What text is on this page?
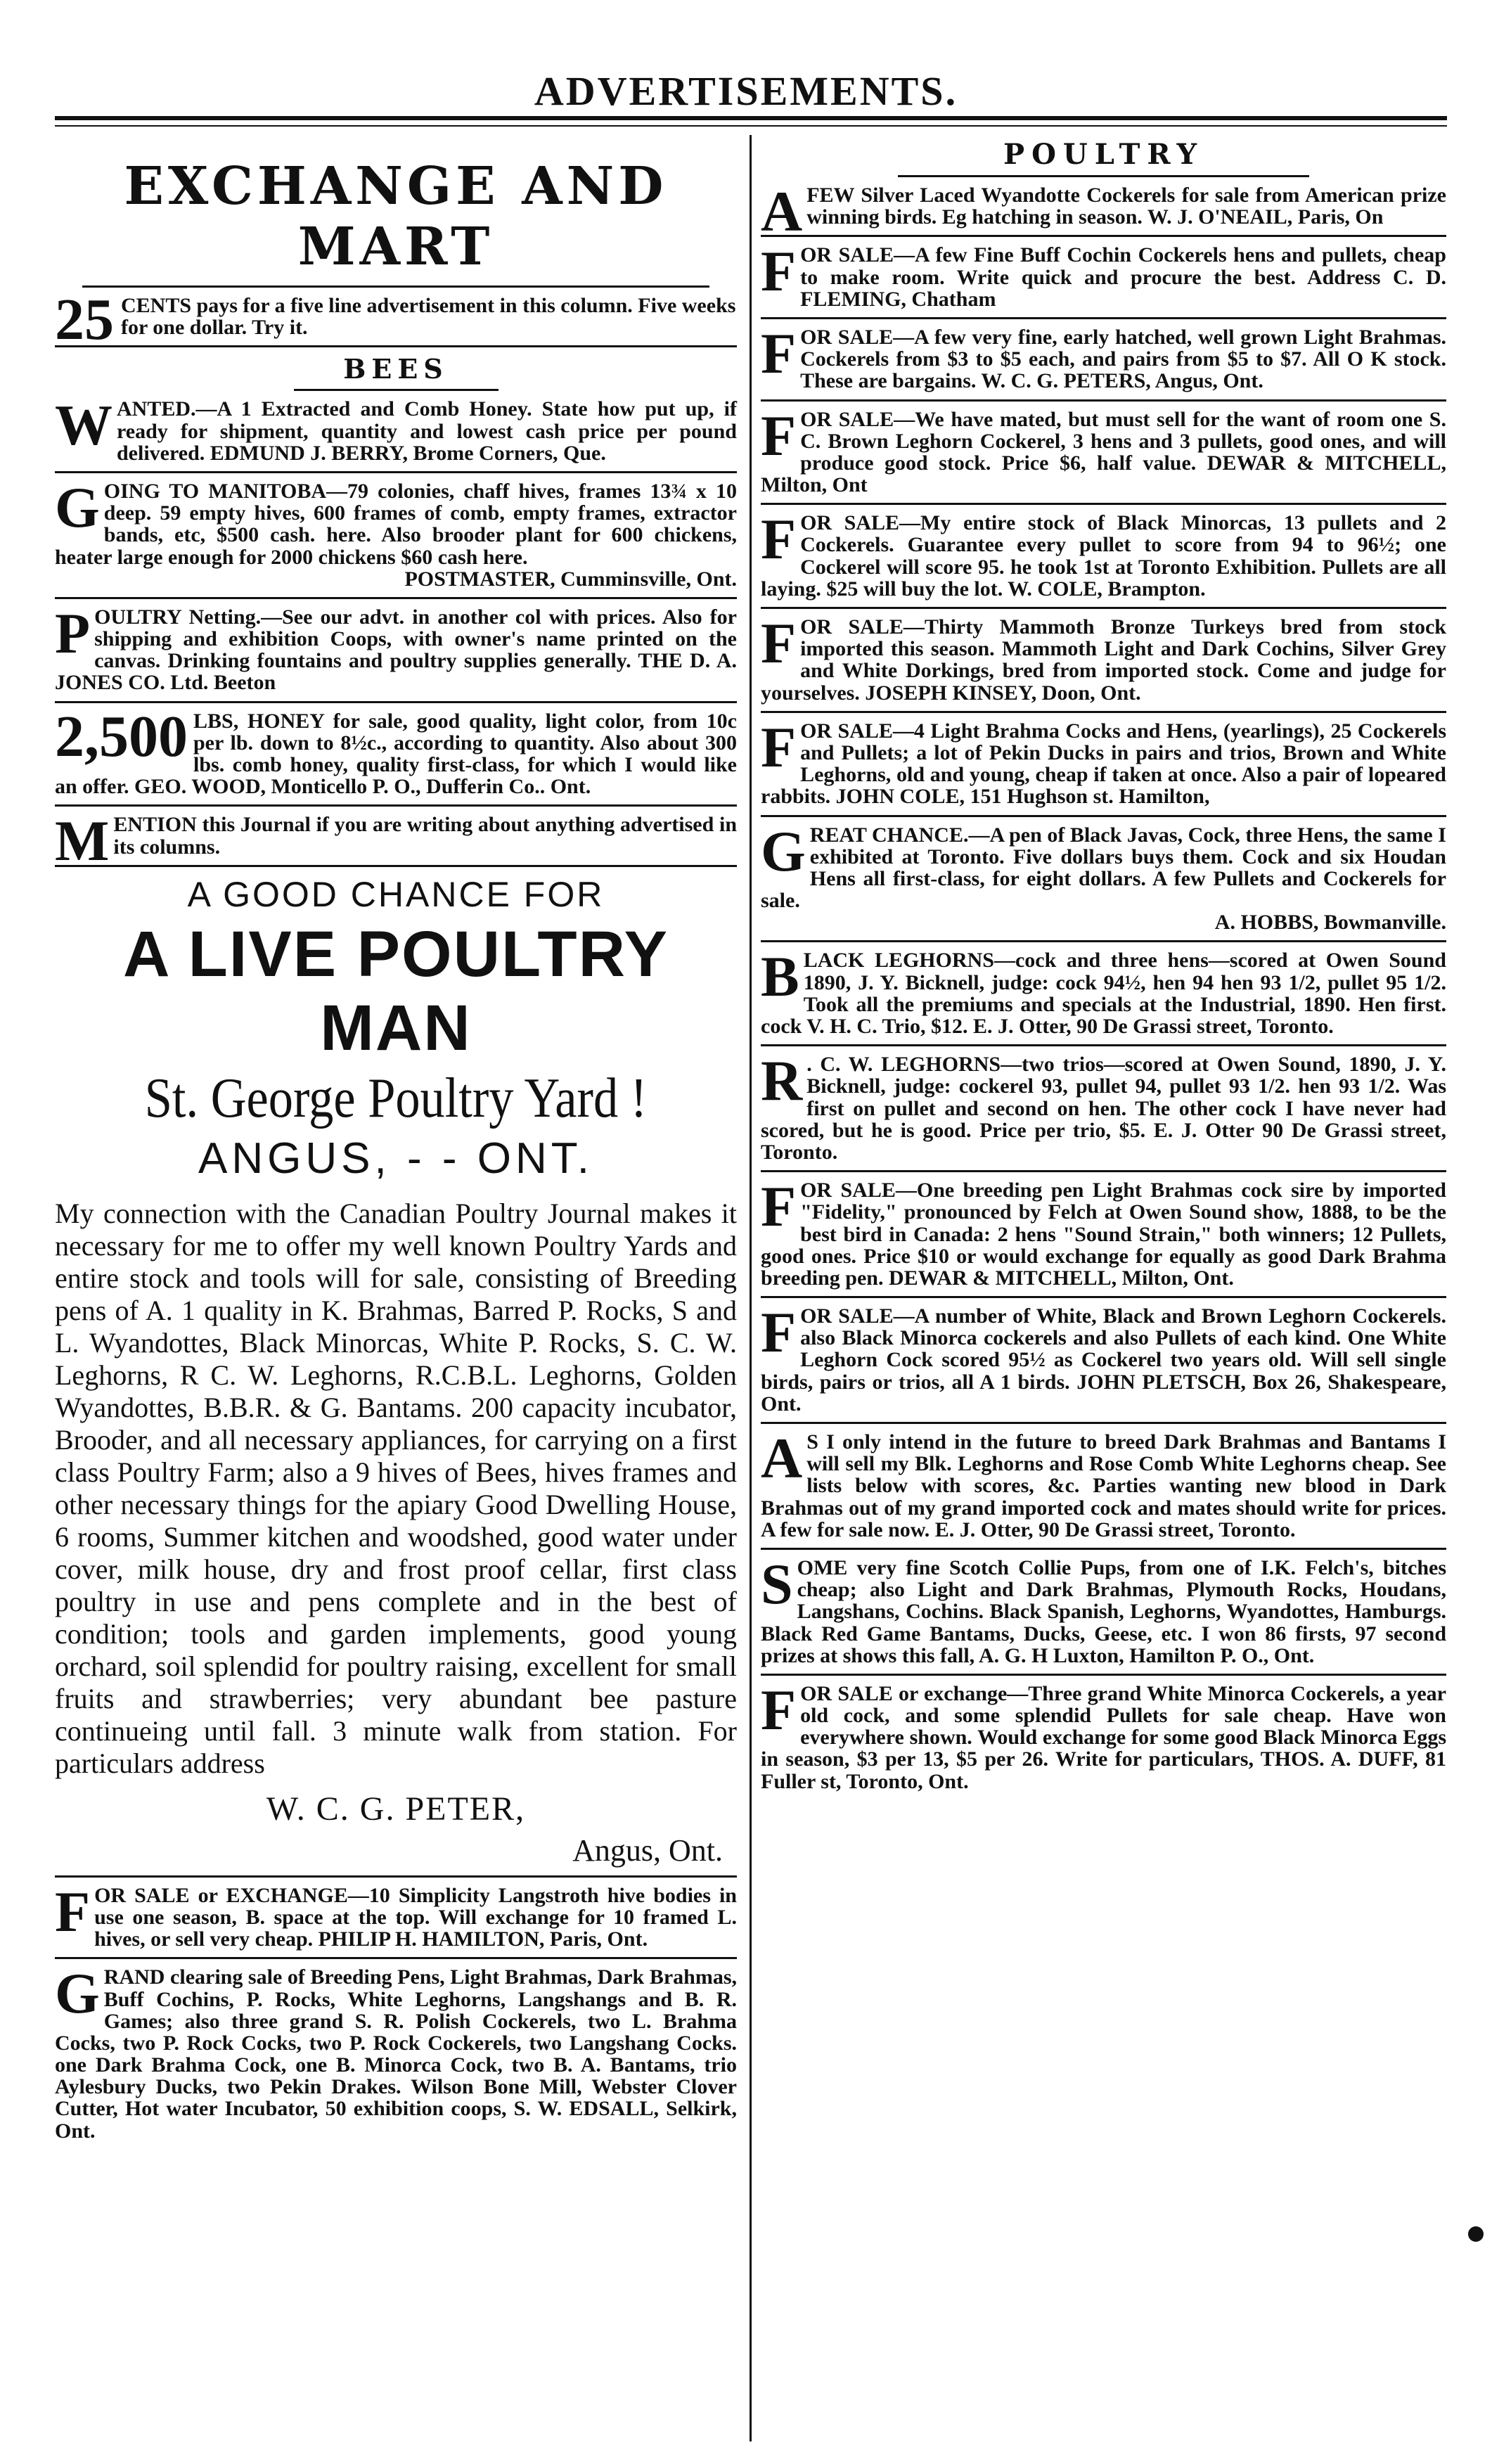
ADVERTISEMENTS.
EXCHANGE AND MART
25 CENTS pays for a five line advertisement in this column. Five weeks for one dollar. Try it.
BEES
W ANTED.—A 1 Extracted and Comb Honey. State how put up, if ready for shipment, quantity and lowest cash price per pound delivered. EDMUND J. BERRY, Brome Corners, Que.
G OING TO MANITOBA—79 colonies, chaff hives, frames 13¾ x 10 deep. 59 empty hives, 600 frames of comb, empty frames, extractor bands, etc, $500 cash. here. Also brooder plant for 600 chickens, heater large enough for 2000 chickens $60 cash here.
POSTMASTER, Cumminsville, Ont.
P OULTRY Netting.—See our advt. in another col with prices. Also for shipping and exhibition Coops, with owner's name printed on the canvas. Drinking fountains and poultry supplies generally. THE D. A. JONES CO. Ltd. Beeton
2,500 LBS, HONEY for sale, good quality, light color, from 10c per lb. down to 8½c., according to quantity. Also about 300 lbs. comb honey, quality first-class, for which I would like an offer. GEO. WOOD, Monticello P. O., Dufferin Co.. Ont.
M ENTION this Journal if you are writing about anything advertised in its columns.
A GOOD CHANCE FOR
A LIVE POULTRY MAN
St. George Poultry Yard !
ANGUS, - - ONT.
My connection with the Canadian Poultry Journal makes it necessary for me to offer my well known Poultry Yards and entire stock and tools will for sale, consisting of Breeding pens of A. 1 quality in K. Brahmas, Barred P. Rocks, S and L. Wyandottes, Black Minorcas, White P. Rocks, S. C. W. Leghorns, R C. W. Leghorns, R.C.B.L. Leghorns, Golden Wyandottes, B.B.R. & G. Bantams. 200 capacity incubator, Brooder, and all necessary appliances, for carrying on a first class Poultry Farm; also a 9 hives of Bees, hives frames and other necessary things for the apiary Good Dwelling House, 6 rooms, Summer kitchen and woodshed, good water under cover, milk house, dry and frost proof cellar, first class poultry in use and pens complete and in the best of condition; tools and garden implements, good young orchard, soil splendid for poultry raising, excellent for small fruits and strawberries; very abundant bee pasture continueing until fall. 3 minute walk from station. For particulars address
W. C. G. PETER,
Angus, Ont.
F OR SALE or EXCHANGE—10 Simplicity Langstroth hive bodies in use one season, B. space at the top. Will exchange for 10 framed L. hives, or sell very cheap. PHILIP H. HAMILTON, Paris, Ont.
G RAND clearing sale of Breeding Pens, Light Brahmas, Dark Brahmas, Buff Cochins, P. Rocks, White Leghorns, Langshangs and B. R. Games; also three grand S. R. Polish Cockerels, two L. Brahma Cocks, two P. Rock Cocks, two P. Rock Cockerels, two Langshang Cocks. one Dark Brahma Cock, one B. Minorca Cock, two B. A. Bantams, trio Aylesbury Ducks, two Pekin Drakes. Wilson Bone Mill, Webster Clover Cutter, Hot water Incubator, 50 exhibition coops, S. W. EDSALL, Selkirk, Ont.
POULTRY
AFEW Silver Laced Wyandotte Cockerels for sale from American prize winning birds. Eg hatching in season. W. J. O'NEAIL, Paris, On
FOR SALE—A few Fine Buff Cochin Cockerels hens and pullets, cheap to make room. Write quick and procure the best. Address C. D. FLEMING, Chatham
FOR SALE—A few very fine, early hatched, well grown Light Brahmas. Cockerels from $3 to $5 each, and pairs from $5 to $7. All O K stock. These are bargains. W. C. G. PETERS, Angus, Ont.
FOR SALE—We have mated, but must sell for the want of room one S. C. Brown Leghorn Cockerel, 3 hens and 3 pullets, good ones, and will produce good stock. Price $6, half value. DEWAR & MITCHELL, Milton, Ont
FOR SALE—My entire stock of Black Minorcas, 13 pullets and 2 Cockerels. Guarantee every pullet to score from 94 to 96½; one Cockerel will score 95. he took 1st at Toronto Exhibition. Pullets are all laying. $25 will buy the lot. W. COLE, Brampton.
FOR SALE—Thirty Mammoth Bronze Turkeys bred from stock imported this season. Mammoth Light and Dark Cochins, Silver Grey and White Dorkings, bred from imported stock. Come and judge for yourselves. JOSEPH KINSEY, Doon, Ont.
FOR SALE—4 Light Brahma Cocks and Hens, (yearlings), 25 Cockerels and Pullets; a lot of Pekin Ducks in pairs and trios, Brown and White Leghorns, old and young, cheap if taken at once. Also a pair of lopeared rabbits. JOHN COLE, 151 Hughson st. Hamilton,
GREAT CHANCE.—A pen of Black Javas, Cock, three Hens, the same I exhibited at Toronto. Five dollars buys them. Cock and six Houdan Hens all first-class, for eight dollars. A few Pullets and Cockerels for sale.
A. HOBBS, Bowmanville.
BLACK LEGHORNS—cock and three hens—scored at Owen Sound 1890, J. Y. Bicknell, judge: cock 94½, hen 94 hen 93 1/2, pullet 95 1/2. Took all the premiums and specials at the Industrial, 1890. Hen first. cock V. H. C. Trio, $12. E. J. Otter, 90 De Grassi street, Toronto.
R . C. W. LEGHORNS—two trios—scored at Owen Sound, 1890, J. Y. Bicknell, judge: cockerel 93, pullet 94, pullet 93 1/2. hen 93 1/2. Was first on pullet and second on hen. The other cock I have never had scored, but he is good. Price per trio, $5. E. J. Otter 90 De Grassi street, Toronto.
FOR SALE—One breeding pen Light Brahmas cock sire by imported "Fidelity," pronounced by Felch at Owen Sound show, 1888, to be the best bird in Canada: 2 hens "Sound Strain," both winners; 12 Pullets, good ones. Price $10 or would exchange for equally as good Dark Brahma breeding pen. DEWAR & MITCHELL, Milton, Ont.
FOR SALE—A number of White, Black and Brown Leghorn Cockerels. also Black Minorca cockerels and also Pullets of each kind. One White Leghorn Cock scored 95½ as Cockerel two years old. Will sell single birds, pairs or trios, all A 1 birds. JOHN PLETSCH, Box 26, Shakespeare, Ont.
A S I only intend in the future to breed Dark Brahmas and Bantams I will sell my Blk. Leghorns and Rose Comb White Leghorns cheap. See lists below with scores, &c. Parties wanting new blood in Dark Brahmas out of my grand imported cock and mates should write for prices. A few for sale now. E. J. Otter, 90 De Grassi street, Toronto.
SOME very fine Scotch Collie Pups, from one of I.K. Felch's, bitches cheap; also Light and Dark Brahmas, Plymouth Rocks, Houdans, Langshans, Cochins. Black Spanish, Leghorns, Wyandottes, Hamburgs. Black Red Game Bantams, Ducks, Geese, etc. I won 86 firsts, 97 second prizes at shows this fall, A. G. H Luxton, Hamilton P. O., Ont.
FOR SALE or exchange—Three grand White Minorca Cockerels, a year old cock, and some splendid Pullets for sale cheap. Have won everywhere shown. Would exchange for some good Black Minorca Eggs in season, $3 per 13, $5 per 26. Write for particulars, THOS. A. DUFF, 81 Fuller st, Toronto, Ont.
